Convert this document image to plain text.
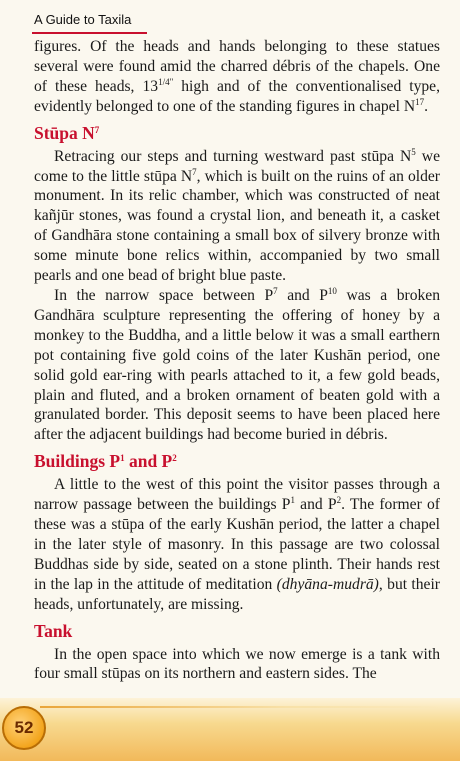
A Guide to Taxila

figures. Of the heads and hands belonging to these statues several were found amid the charred débris of the chapels. One of these heads, $13^{1/4"}$ high and of the conventionalised type, evidently belonged to one of the standing figures in chapel $N^{17}$.

Stūpa $N^7$

Retracing our steps and turning westward past stūpa $N^5$ we come to the little stūpa $N^7$, which is built on the ruins of an older monument. In its relic chamber, which was constructed of neat kañjūr stones, was found a crystal lion, and beneath it, a casket of Gandhāra stone containing a small box of silvery bronze with some minute bone relics within, accompanied by two small pearls and one bead of bright blue paste.

In the narrow space between $P^7$ and $P^{10}$ was a broken Gandhāra sculpture representing the offering of honey by a monkey to the Buddha, and a little below it was a small earthern pot containing five gold coins of the later Kushān period, one solid gold ear-ring with pearls attached to it, a few gold beads, plain and fluted, and a broken ornament of beaten gold with a granulated border. This deposit seems to have been placed here after the adjacent buildings had become buried in débris.

Buildings $P^1$ and $P^2$

A little to the west of this point the visitor passes through a narrow passage between the buildings $P^1$ and $P^2$. The former of these was a stūpa of the early Kushān period, the latter a chapel in the later style of masonry. In this passage are two colossal Buddhas side by side, seated on a stone plinth. Their hands rest in the lap in the attitude of meditation (dhyāna-mudrā), but their heads, unfortunately, are missing.

Tank

In the open space into which we now emerge is a tank with four small stūpas on its northern and eastern sides. The

52
